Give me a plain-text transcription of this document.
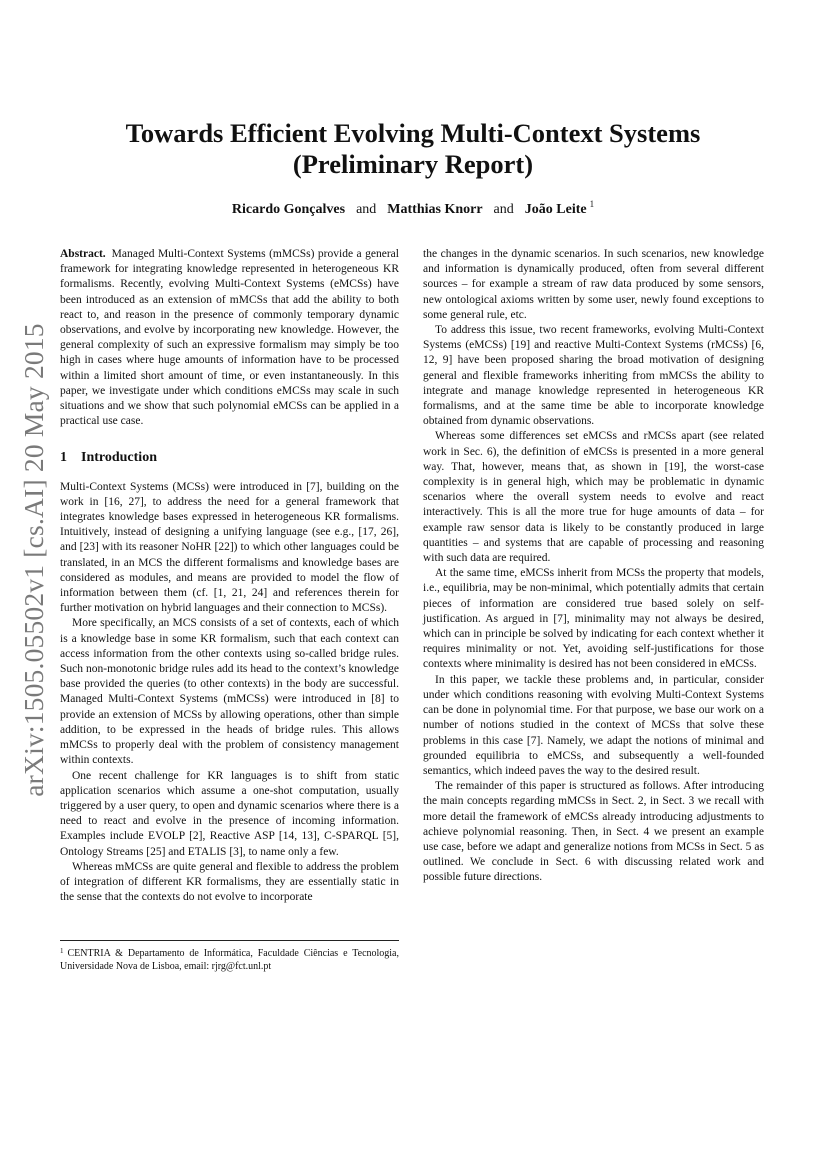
arXiv:1505.05502v1 [cs.AI] 20 May 2015
Towards Efficient Evolving Multi-Context Systems
(Preliminary Report)
Ricardo Gonçalves and Matthias Knorr and João Leite $^1$

Abstract. Managed Multi-Context Systems (mMCSs) provide a general framework for integrating knowledge represented in heterogeneous KR formalisms. Recently, evolving Multi-Context Systems (eMCSs) have been introduced as an extension of mMCSs that add the ability to both react to, and reason in the presence of commonly temporary dynamic observations, and evolve by incorporating new knowledge. However, the general complexity of such an expressive formalism may simply be too high in cases where huge amounts of information have to be processed within a limited short amount of time, or even instantaneously. In this paper, we investigate under which conditions eMCSs may scale in such situations and we show that such polynomial eMCSs can be applied in a practical use case.

1 Introduction

Multi-Context Systems (MCSs) were introduced in [7], building on the work in [16, 27], to address the need for a general framework that integrates knowledge bases expressed in heterogeneous KR formalisms. Intuitively, instead of designing a unifying language (see e.g., [17, 26], and [23] with its reasoner NoHR [22]) to which other languages could be translated, in an MCS the different formalisms and knowledge bases are considered as modules, and means are provided to model the flow of information between them (cf. [1, 21, 24] and references therein for further motivation on hybrid languages and their connection to MCSs).

More specifically, an MCS consists of a set of contexts, each of which is a knowledge base in some KR formalism, such that each context can access information from the other contexts using so-called bridge rules. Such non-monotonic bridge rules add its head to the context’s knowledge base provided the queries (to other contexts) in the body are successful. Managed Multi-Context Systems (mMCSs) were introduced in [8] to provide an extension of MCSs by allowing operations, other than simple addition, to be expressed in the heads of bridge rules. This allows mMCSs to properly deal with the problem of consistency management within contexts.

One recent challenge for KR languages is to shift from static application scenarios which assume a one-shot computation, usually triggered by a user query, to open and dynamic scenarios where there is a need to react and evolve in the presence of incoming information. Examples include EVOLP [2], Reactive ASP [14, 13], C-SPARQL [5], Ontology Streams [25] and ETALIS [3], to name only a few.

Whereas mMCSs are quite general and flexible to address the problem of integration of different KR formalisms, they are essentially static in the sense that the contexts do not evolve to incorporate

the changes in the dynamic scenarios. In such scenarios, new knowledge and information is dynamically produced, often from several different sources – for example a stream of raw data produced by some sensors, new ontological axioms written by some user, newly found exceptions to some general rule, etc.

To address this issue, two recent frameworks, evolving Multi-Context Systems (eMCSs) [19] and reactive Multi-Context Systems (rMCSs) [6, 12, 9] have been proposed sharing the broad motivation of designing general and flexible frameworks inheriting from mMCSs the ability to integrate and manage knowledge represented in heterogeneous KR formalisms, and at the same time be able to incorporate knowledge obtained from dynamic observations.

Whereas some differences set eMCSs and rMCSs apart (see related work in Sec. 6), the definition of eMCSs is presented in a more general way. That, however, means that, as shown in [19], the worst-case complexity is in general high, which may be problematic in dynamic scenarios where the overall system needs to evolve and react interactively. This is all the more true for huge amounts of data – for example raw sensor data is likely to be constantly produced in large quantities – and systems that are capable of processing and reasoning with such data are required.

At the same time, eMCSs inherit from MCSs the property that models, i.e., equilibria, may be non-minimal, which potentially admits that certain pieces of information are considered true based solely on self-justification. As argued in [7], minimality may not always be desired, which can in principle be solved by indicating for each context whether it requires minimality or not. Yet, avoiding self-justifications for those contexts where minimality is desired has not been considered in eMCSs.

In this paper, we tackle these problems and, in particular, consider under which conditions reasoning with evolving Multi-Context Systems can be done in polynomial time. For that purpose, we base our work on a number of notions studied in the context of MCSs that solve these problems in this case [7]. Namely, we adapt the notions of minimal and grounded equilibria to eMCSs, and subsequently a well-founded semantics, which indeed paves the way to the desired result.

The remainder of this paper is structured as follows. After introducing the main concepts regarding mMCSs in Sect. 2, in Sect. 3 we recall with more detail the framework of eMCSs already introducing adjustments to achieve polynomial reasoning. Then, in Sect. 4 we present an example use case, before we adapt and generalize notions from MCSs in Sect. 5 as outlined. We conclude in Sect. 6 with discussing related work and possible future directions.

$^1$ CENTRIA & Departamento de Informática, Faculdade Ciências e Tecnologia, Universidade Nova de Lisboa, email: rjrg@fct.unl.pt
